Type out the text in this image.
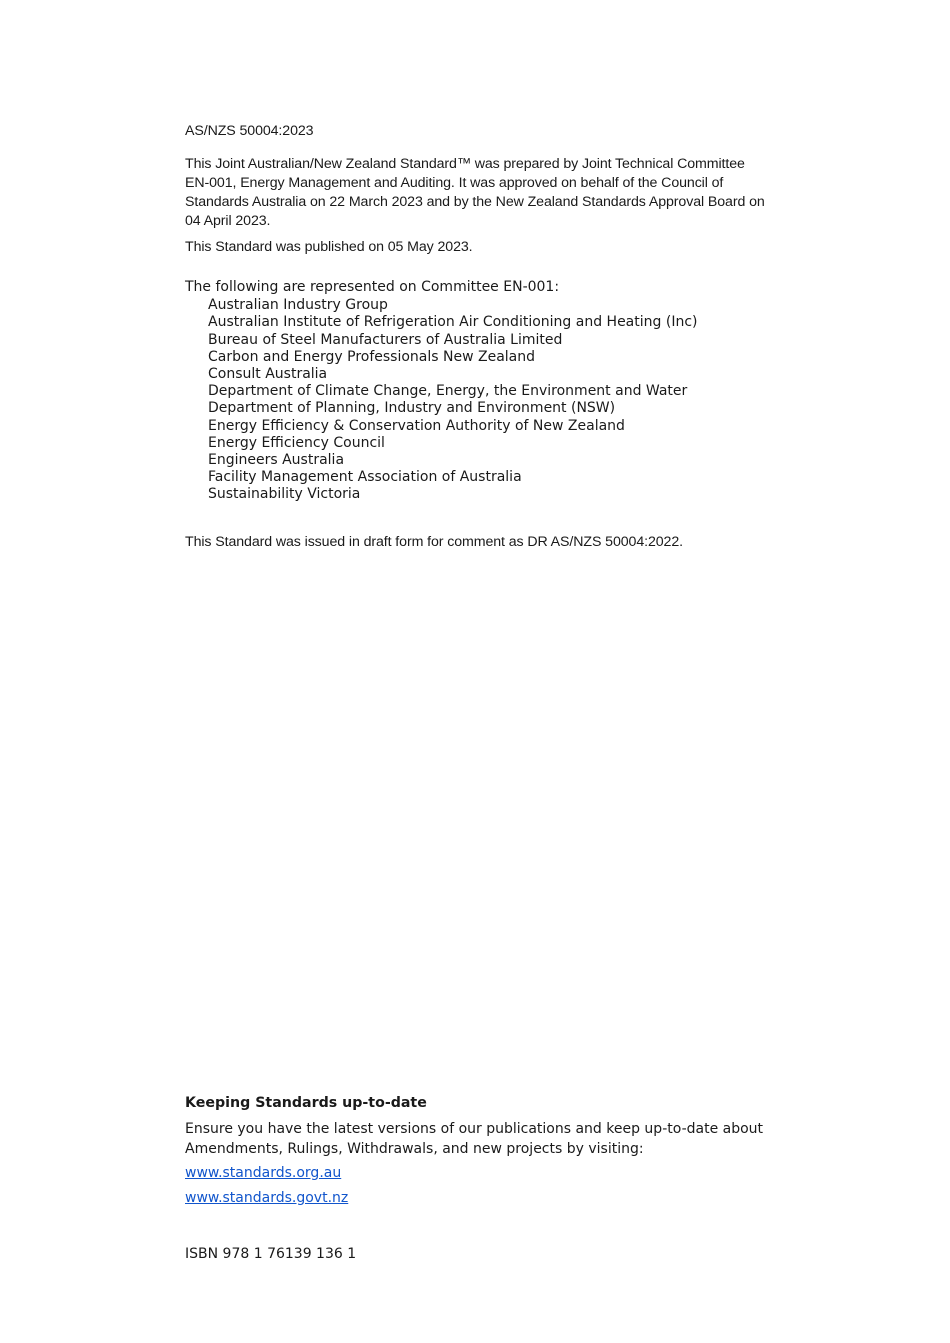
AS/NZS 50004:2023
This Joint Australian/New Zealand Standard™ was prepared by Joint Technical Committee EN-001, Energy Management and Auditing. It was approved on behalf of the Council of Standards Australia on 22 March 2023 and by the New Zealand Standards Approval Board on 04 April 2023.
This Standard was published on 05 May 2023.
The following are represented on Committee EN-001:
Australian Industry Group
Australian Institute of Refrigeration Air Conditioning and Heating (Inc)
Bureau of Steel Manufacturers of Australia Limited
Carbon and Energy Professionals New Zealand
Consult Australia
Department of Climate Change, Energy, the Environment and Water
Department of Planning, Industry and Environment (NSW)
Energy Efficiency & Conservation Authority of New Zealand
Energy Efficiency Council
Engineers Australia
Facility Management Association of Australia
Sustainability Victoria
This Standard was issued in draft form for comment as DR AS/NZS 50004:2022.
Keeping Standards up-to-date
Ensure you have the latest versions of our publications and keep up-to-date about Amendments, Rulings, Withdrawals, and new projects by visiting:
www.standards.org.au
www.standards.govt.nz
ISBN 978 1 76139 136 1
